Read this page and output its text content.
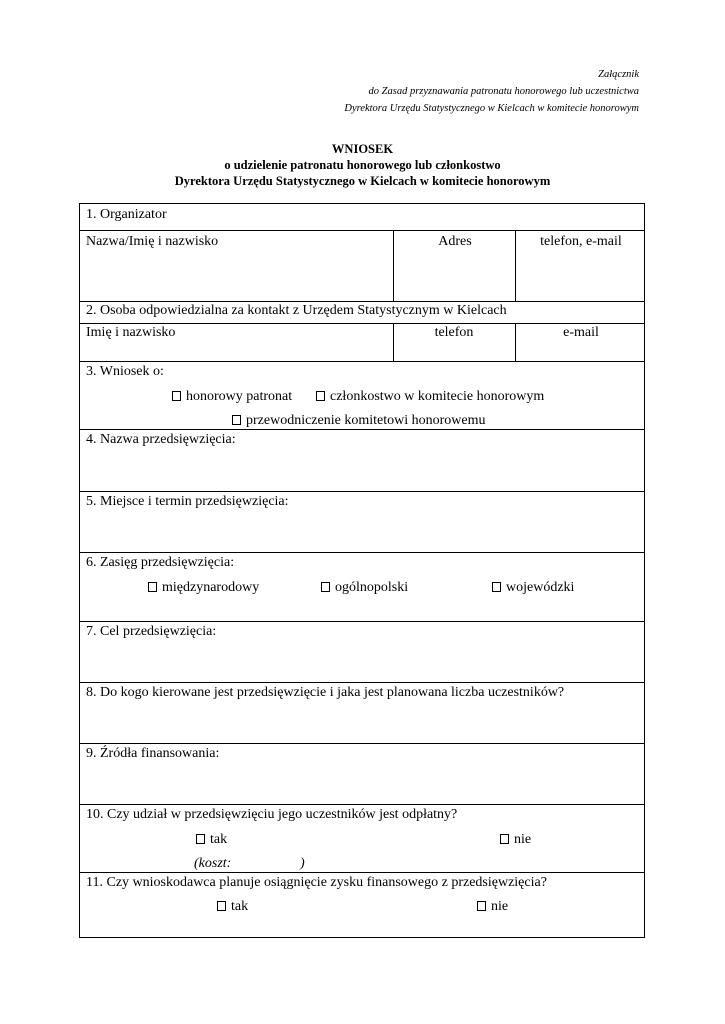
Załącznik
do Zasad przyznawania patronatu honorowego lub uczestnictwa
Dyrektora Urzędu Statystycznego w Kielcach w komitecie honorowym
WNIOSEK
o udzielenie patronatu honorowego lub członkostwo
Dyrektora Urzędu Statystycznego w Kielcach w komitecie honorowym
1. Organizator
Nazwa/Imię i nazwisko	Adres	telefon, e-mail
2. Osoba odpowiedzialna za kontakt z Urzędem Statystycznym w Kielcach
Imię i nazwisko	telefon	e-mail
3. Wniosek o:
honorowy patronat	członkostwo w komitecie honorowym
przewodniczenie komitetowi honorowemu
4. Nazwa przedsięwzięcia:
5. Miejsce i termin przedsięwzięcia:
6. Zasięg przedsięwzięcia:
międzynarodowy	ogólnopolski	wojewódzki
7. Cel przedsięwzięcia:
8. Do kogo kierowane jest przedsięwzięcie i jaka jest planowana liczba uczestników?
9. Źródła finansowania:
10. Czy udział w przedsięwzięciu jego uczestników jest odpłatny?
tak	nie
(koszt:	)
11. Czy wnioskodawca planuje osiągnięcie zysku finansowego z przedsięwzięcia?
tak	nie
